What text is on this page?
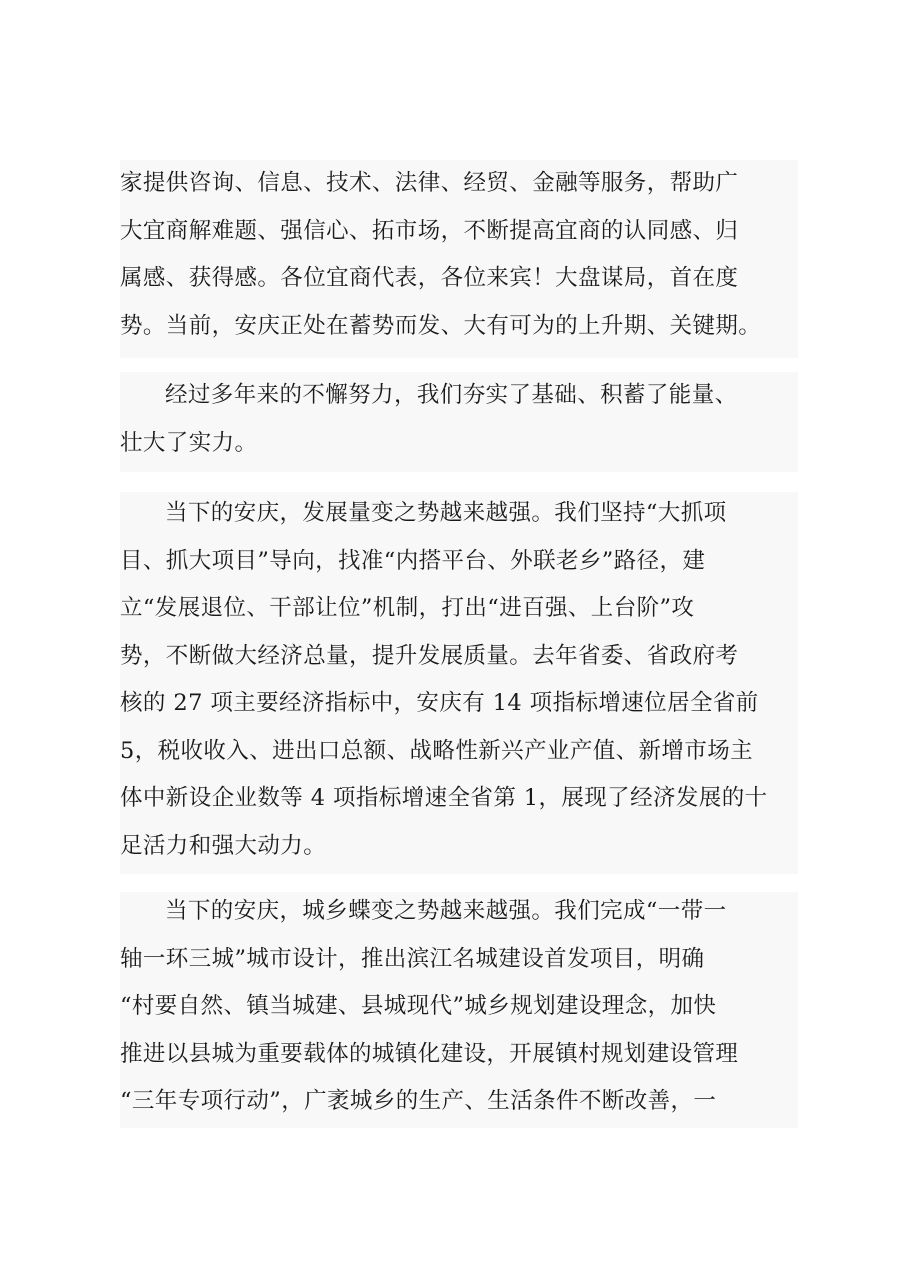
家提供咨询、信息、技术、法律、经贸、金融等服务，帮助广
大宜商解难题、强信心、拓市场，不断提高宜商的认同感、归
属感、获得感。各位宜商代表，各位来宾！大盘谋局，首在度
势。当前，安庆正处在蓄势而发、大有可为的上升期、关键期。

经过多年来的不懈努力，我们夯实了基础、积蓄了能量、
壮大了实力。

当下的安庆，发展量变之势越来越强。我们坚持“大抓项
目、抓大项目”导向，找准“内搭平台、外联老乡”路径，建
立“发展退位、干部让位”机制，打出“进百强、上台阶”攻
势，不断做大经济总量，提升发展质量。去年省委、省政府考
核的 27 项主要经济指标中，安庆有 14 项指标增速位居全省前
5，税收收入、进出口总额、战略性新兴产业产值、新增市场主
体中新设企业数等 4 项指标增速全省第 1，展现了经济发展的十
足活力和强大动力。

当下的安庆，城乡蝶变之势越来越强。我们完成“一带一
轴一环三城”城市设计，推出滨江名城建设首发项目，明确
“村要自然、镇当城建、县城现代”城乡规划建设理念，加快
推进以县城为重要载体的城镇化建设，开展镇村规划建设管理
“三年专项行动”，广袤城乡的生产、生活条件不断改善，一
